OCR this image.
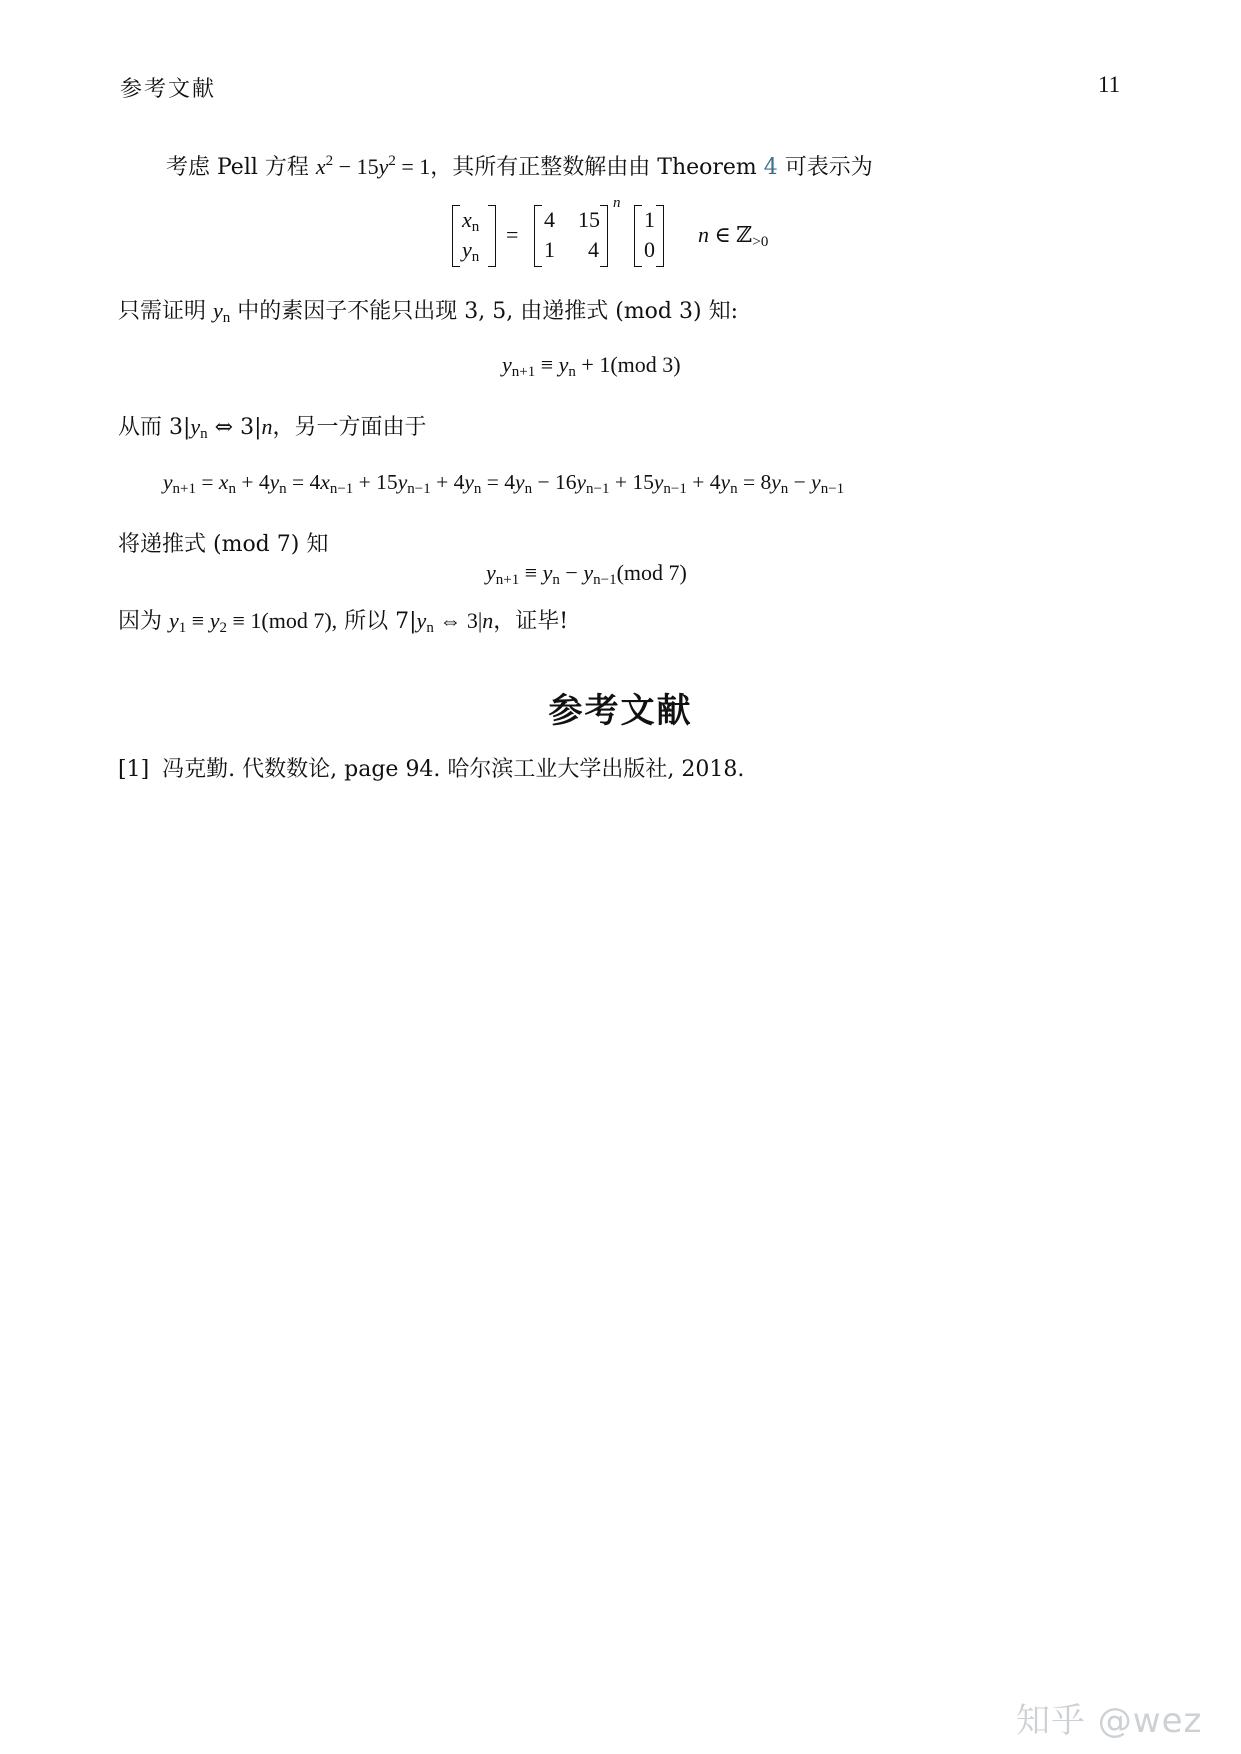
参考文献	11
考虑 Pell 方程 $x^2 - 15y^2 = 1$，其所有正整数解由由 Theorem 4 可表示为
$x_n$
$y_n$
=
4 15
1 4
n
1
0
n ∈ ℤ$_{>0}$
只需证明 $y_n$ 中的素因子不能只出现 3, 5, 由递推式 (mod 3) 知:
$y_{n+1} \equiv y_n + 1(mod$ 3)
从而 $3|y_n$ ⇔ 3|n，另一方面由于
$y_{n+1} = x_n + 4y_n = 4x_{n-1} + 15y_{n-1} + 4y_n = 4y_n - 16y_{n-1} + 15y_{n-1} + 4y_n = 8y_n - y_{n-1}$
将递推式 (mod 7) 知
$y_{n+1} \equiv y_n - y_{n-1}(mod$ 7)
因为 $y_1 \equiv y_2 \equiv 1(mod$ 7), 所以 $7|y_n$ ⇔ 3|n，证毕!
参考文献
[1] 冯克勤. 代数数论, page 94. 哈尔滨工业大学出版社, 2018.
知乎 @wez
